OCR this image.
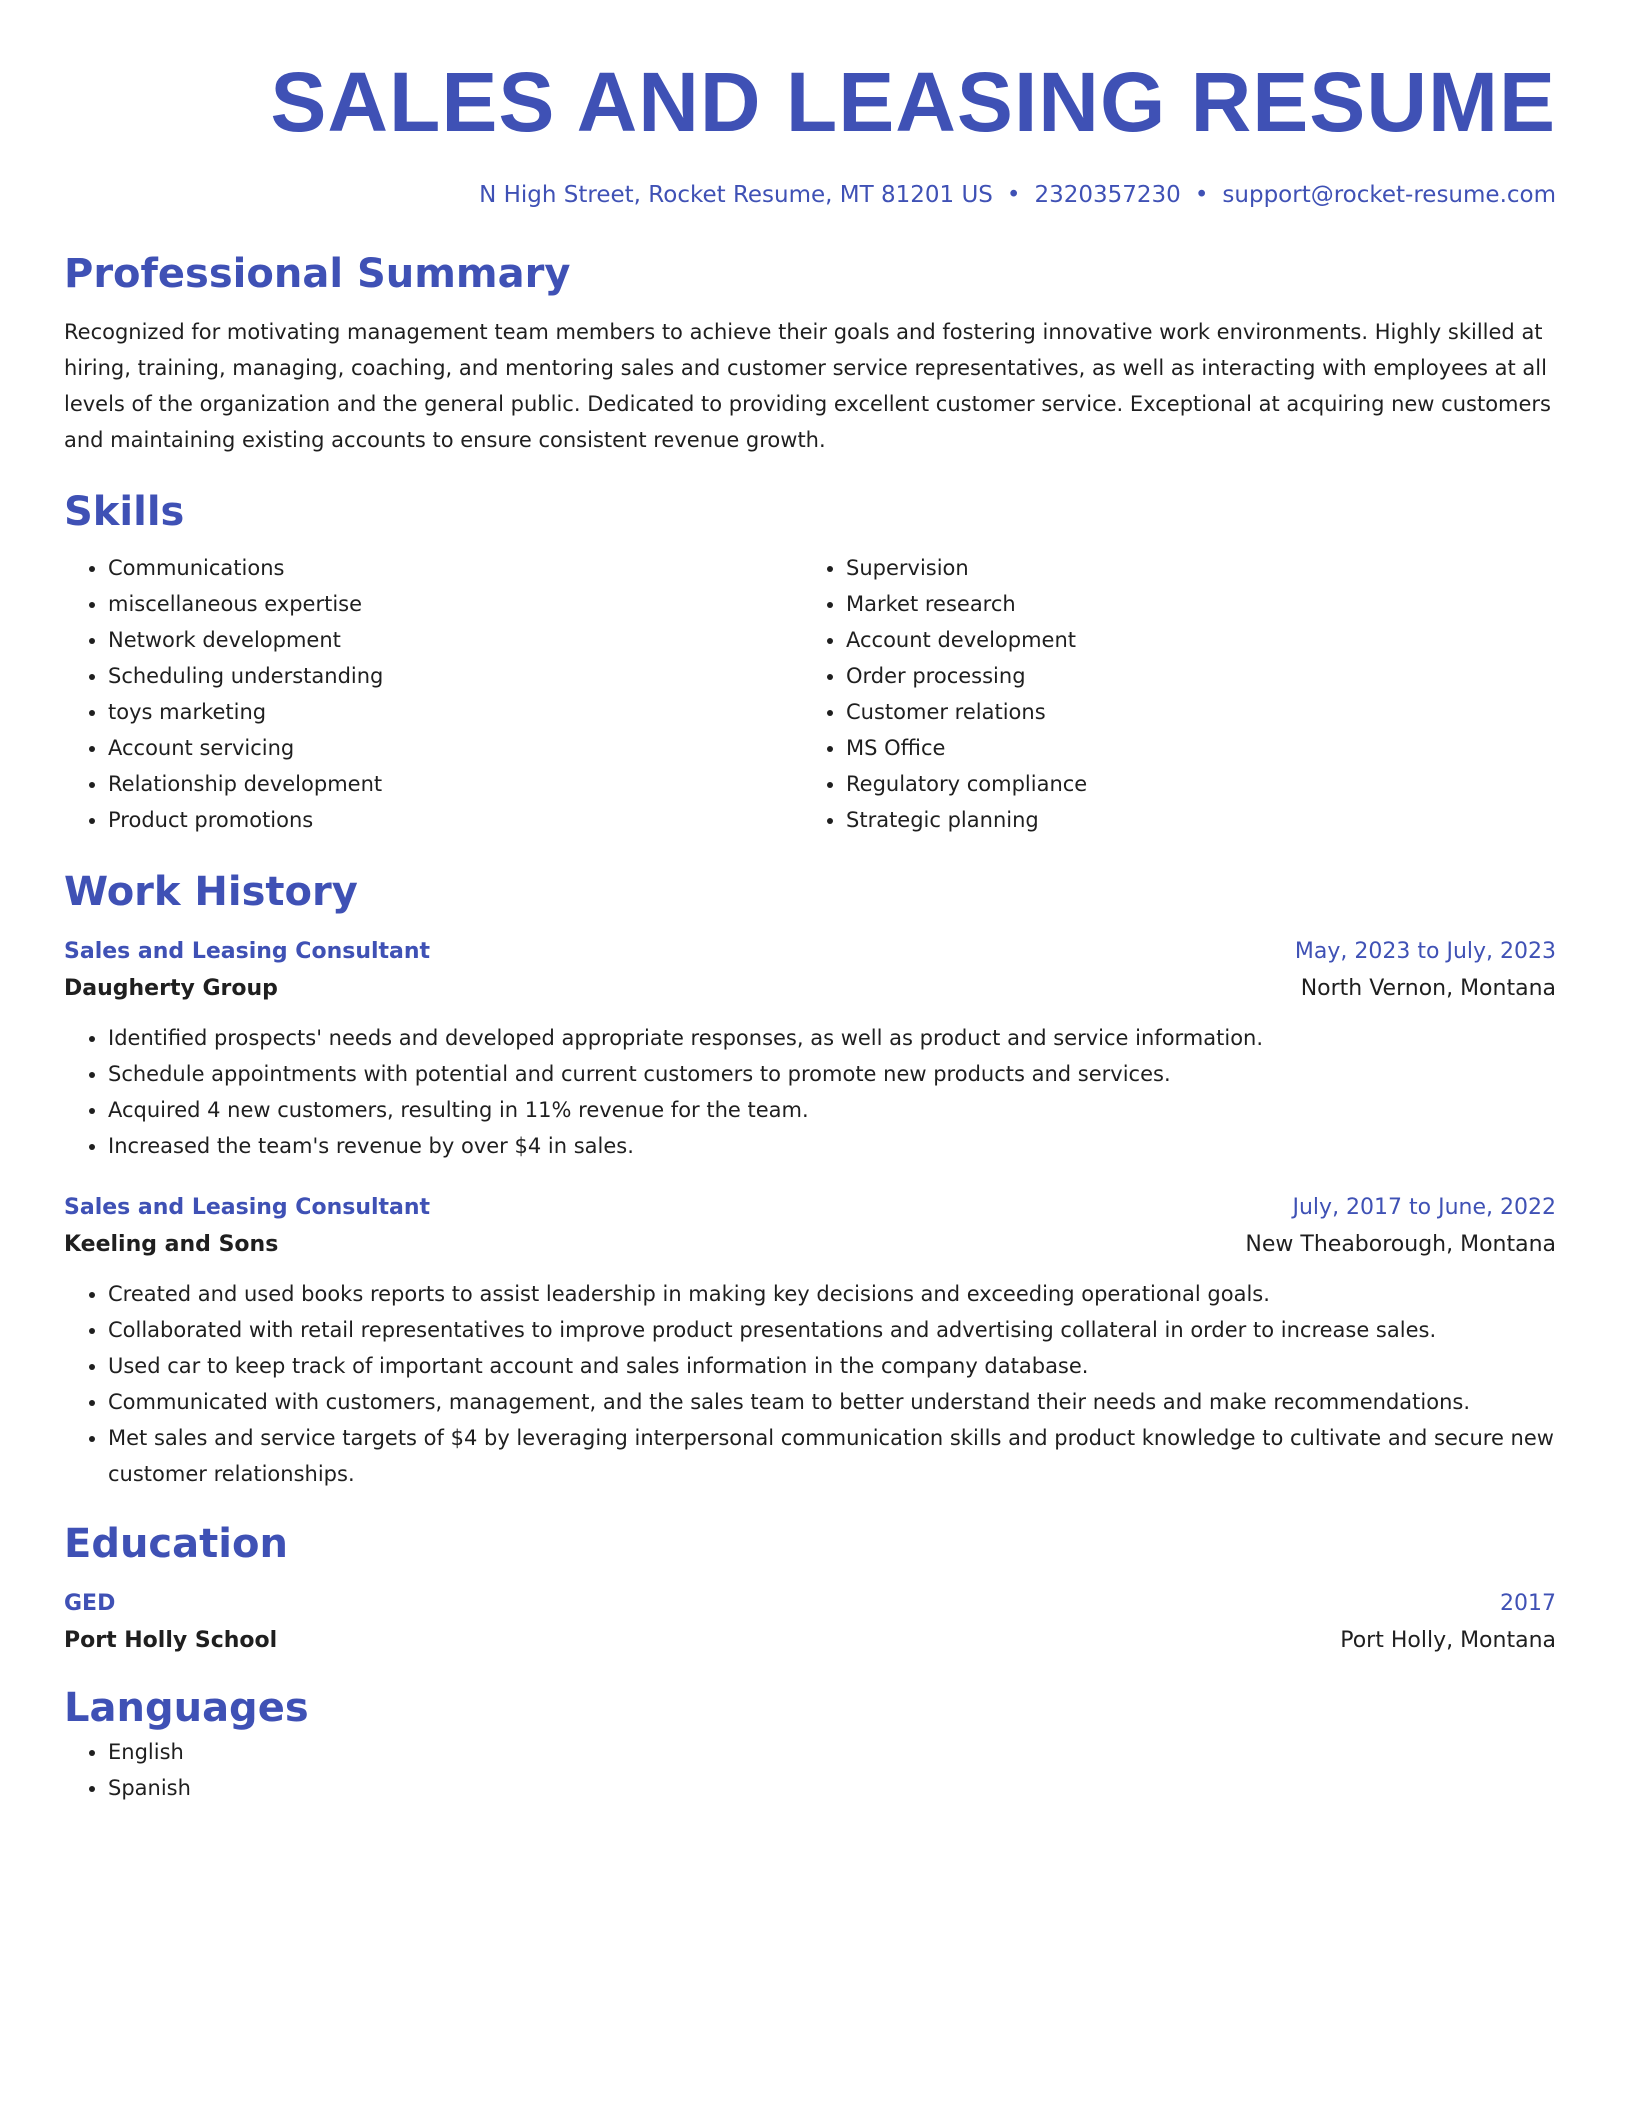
SALES AND LEASING RESUME
N High Street, Rocket Resume, MT 81201 US • 2320357230 • support@rocket-resume.com
Professional Summary
Recognized for motivating management team members to achieve their goals and fostering innovative work environments. Highly skilled at hiring, training, managing, coaching, and mentoring sales and customer service representatives, as well as interacting with employees at all levels of the organization and the general public. Dedicated to providing excellent customer service. Exceptional at acquiring new customers and maintaining existing accounts to ensure consistent revenue growth.
Skills
• Communications
• miscellaneous expertise
• Network development
• Scheduling understanding
• toys marketing
• Account servicing
• Relationship development
• Product promotions
• Supervision
• Market research
• Account development
• Order processing
• Customer relations
• MS Office
• Regulatory compliance
• Strategic planning
Work History
Sales and Leasing Consultant	May, 2023 to July, 2023
Daugherty Group	North Vernon, Montana
• Identified prospects' needs and developed appropriate responses, as well as product and service information.
• Schedule appointments with potential and current customers to promote new products and services.
• Acquired 4 new customers, resulting in 11% revenue for the team.
• Increased the team's revenue by over $4 in sales.
Sales and Leasing Consultant	July, 2017 to June, 2022
Keeling and Sons	New Theaborough, Montana
• Created and used books reports to assist leadership in making key decisions and exceeding operational goals.
• Collaborated with retail representatives to improve product presentations and advertising collateral in order to increase sales.
• Used car to keep track of important account and sales information in the company database.
• Communicated with customers, management, and the sales team to better understand their needs and make recommendations.
• Met sales and service targets of $4 by leveraging interpersonal communication skills and product knowledge to cultivate and secure new customer relationships.
Education
GED	2017
Port Holly School	Port Holly, Montana
Languages
• English
• Spanish
